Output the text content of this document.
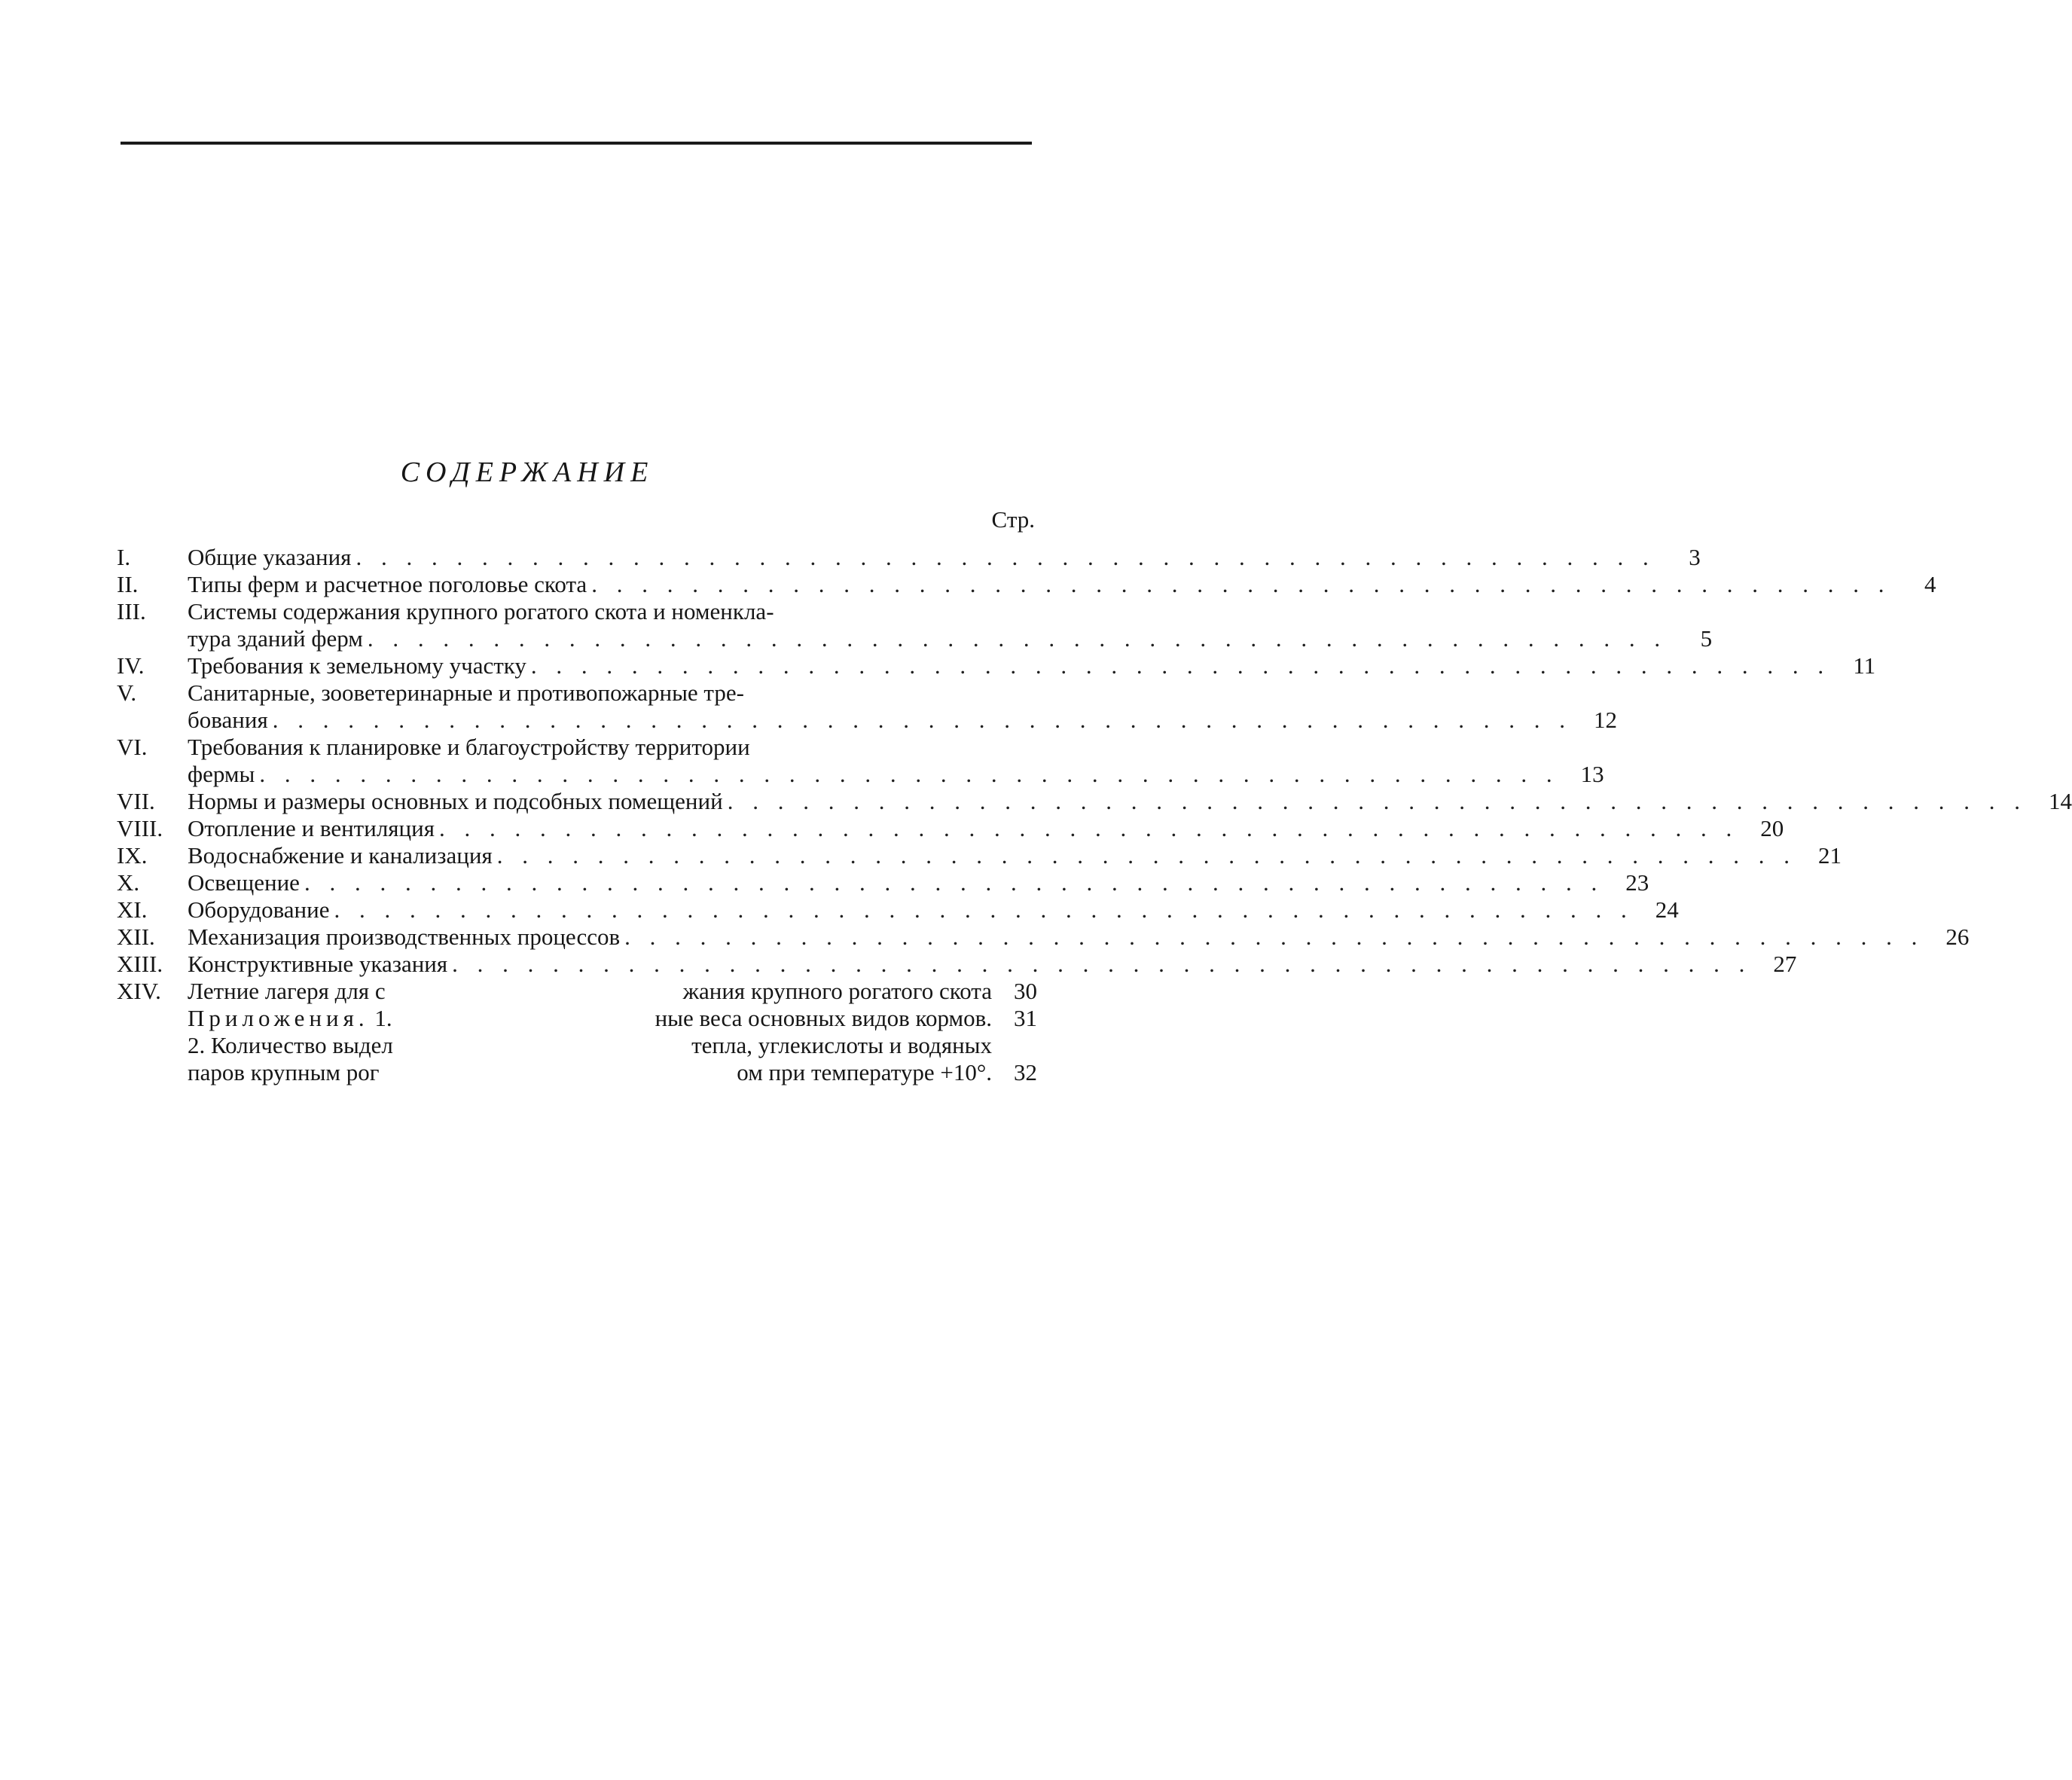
СОДЕРЖАНИЕ
Стр.
I.	Общие указания . . .	3
II.	Типы ферм и расчетное поголовье скота . . .	4
III.	Системы содержания крупного рогатого скота и номенкла-
тура зданий ферм . . .	5
IV.	Требования к земельному участку . . .	11
V.	Санитарные, зооветеринарные и противопожарные тре-
бования . . .	12
VI.	Требования к планировке и благоустройству территории
фермы . . .	13
VII.	Нормы и размеры основных и подсобных помещений . . .	14
VIII.	Отопление и вентиляция . . .	20
IX.	Водоснабжение и канализация . . .	21
X.	Освещение . . .	23
XI.	Оборудование . . .	24
XII.	Механизация производственных процессов . . .	26
XIII.	Конструктивные указания . . .	27
XIV.	Летние лагеря для с	жания крупного рогатого скота 30
Приложения. 1.	ные веса основных видов кормов. 31
2. Количество выдел	тепла, углекислоты и водяных
паров крупным рог	ом при температуре +10°. 32
